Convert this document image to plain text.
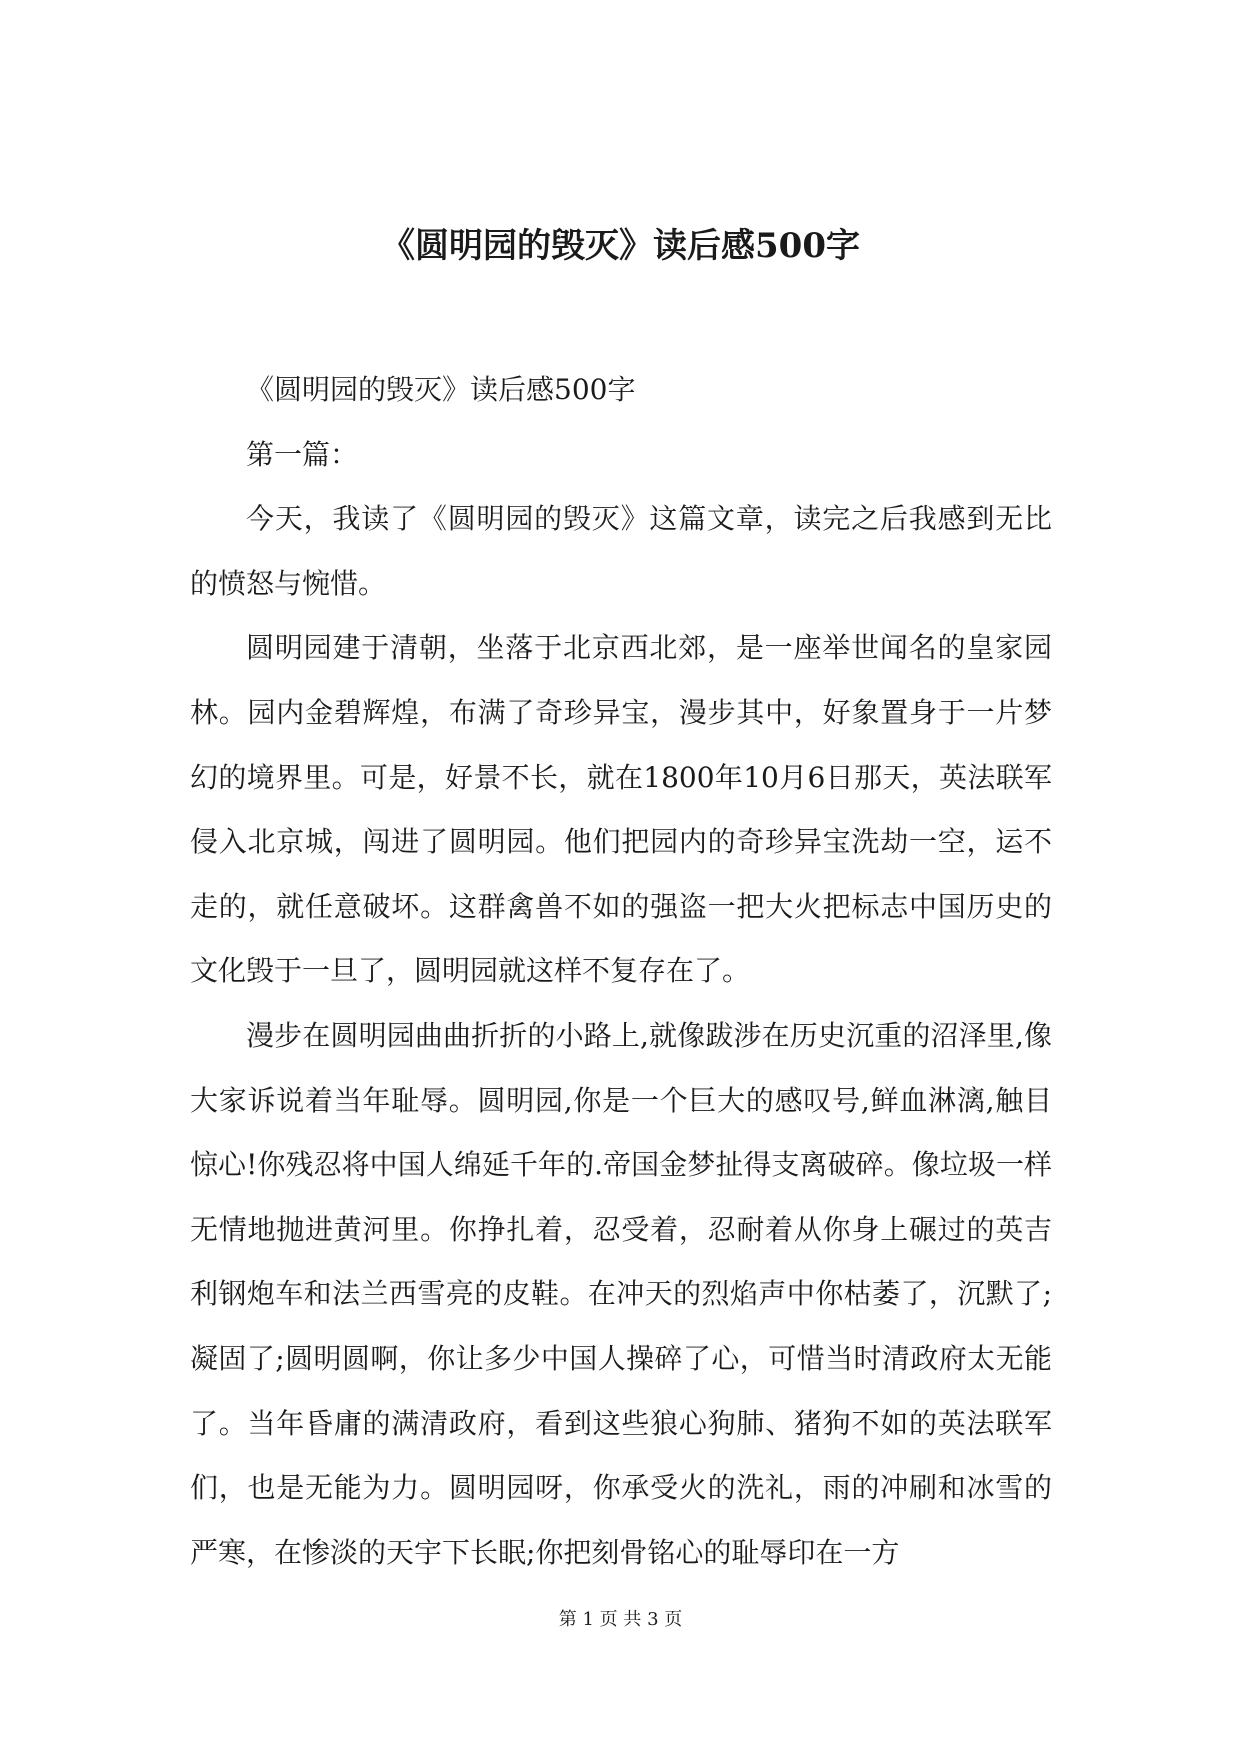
《圆明园的毁灭》读后感500字

《圆明园的毁灭》读后感500字

第一篇：

今天，我读了《圆明园的毁灭》这篇文章，读完之后我感到无比的愤怒与惋惜。

圆明园建于清朝，坐落于北京西北郊，是一座举世闻名的皇家园林。园内金碧辉煌，布满了奇珍异宝，漫步其中，好象置身于一片梦幻的境界里。可是，好景不长，就在1800年10月6日那天，英法联军侵入北京城，闯进了圆明园。他们把园内的奇珍异宝洗劫一空，运不走的，就任意破坏。这群禽兽不如的强盗一把大火把标志中国历史的文化毁于一旦了，圆明园就这样不复存在了。

漫步在圆明园曲曲折折的小路上,就像跋涉在历史沉重的沼泽里,像大家诉说着当年耻辱。圆明园,你是一个巨大的感叹号,鲜血淋漓,触目惊心!你残忍将中国人绵延千年的.帝国金梦扯得支离破碎。像垃圾一样无情地抛进黄河里。你挣扎着，忍受着，忍耐着从你身上碾过的英吉利钢炮车和法兰西雪亮的皮鞋。在冲天的烈焰声中你枯萎了，沉默了;凝固了;圆明圆啊，你让多少中国人操碎了心，可惜当时清政府太无能了。当年昏庸的满清政府，看到这些狼心狗肺、猪狗不如的英法联军们，也是无能为力。圆明园呀，你承受火的洗礼，雨的冲刷和冰雪的严寒，在惨淡的天宇下长眠;你把刻骨铭心的耻辱印在一方

第 1 页 共 3 页
